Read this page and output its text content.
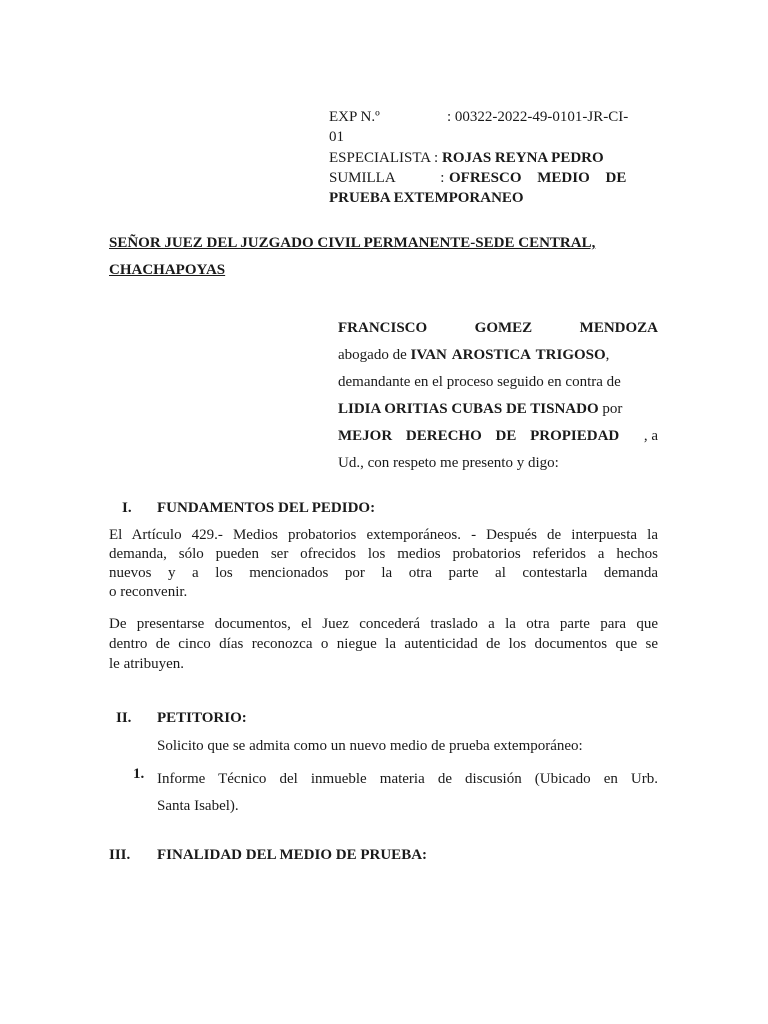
EXP N.º	: 00322-2022-49-0101-JR-CI-
01
ESPECIALISTA : ROJAS REYNA PEDRO
SUMILLA	: OFRESCO MEDIO DE
PRUEBA EXTEMPORANEO
SEÑOR JUEZ DEL JUZGADO CIVIL PERMANENTE-SEDE CENTRAL,
CHACHAPOYAS
FRANCISCO GOMEZ MENDOZA
abogado de IVAN AROSTICA TRIGOSO,
demandante en el proceso seguido en contra de
LIDIA ORITIAS CUBAS DE TISNADO por
MEJOR DERECHO DE PROPIEDAD , a
Ud., con respeto me presento y digo:
I. FUNDAMENTOS DEL PEDIDO:
El Artículo 429.- Medios probatorios extemporáneos. - Después de interpuesta la
demanda, sólo pueden ser ofrecidos los medios probatorios referidos a hechos
nuevos y a los mencionados por la otra parte al contestarla demanda
o reconvenir.
De presentarse documentos, el Juez concederá traslado a la otra parte para que
dentro de cinco días reconozca o niegue la autenticidad de los documentos que se
le atribuyen.
II. PETITORIO:
Solicito que se admita como un nuevo medio de prueba extemporáneo:
1. Informe Técnico del inmueble materia de discusión (Ubicado en Urb.
Santa Isabel).
III. FINALIDAD DEL MEDIO DE PRUEBA:
